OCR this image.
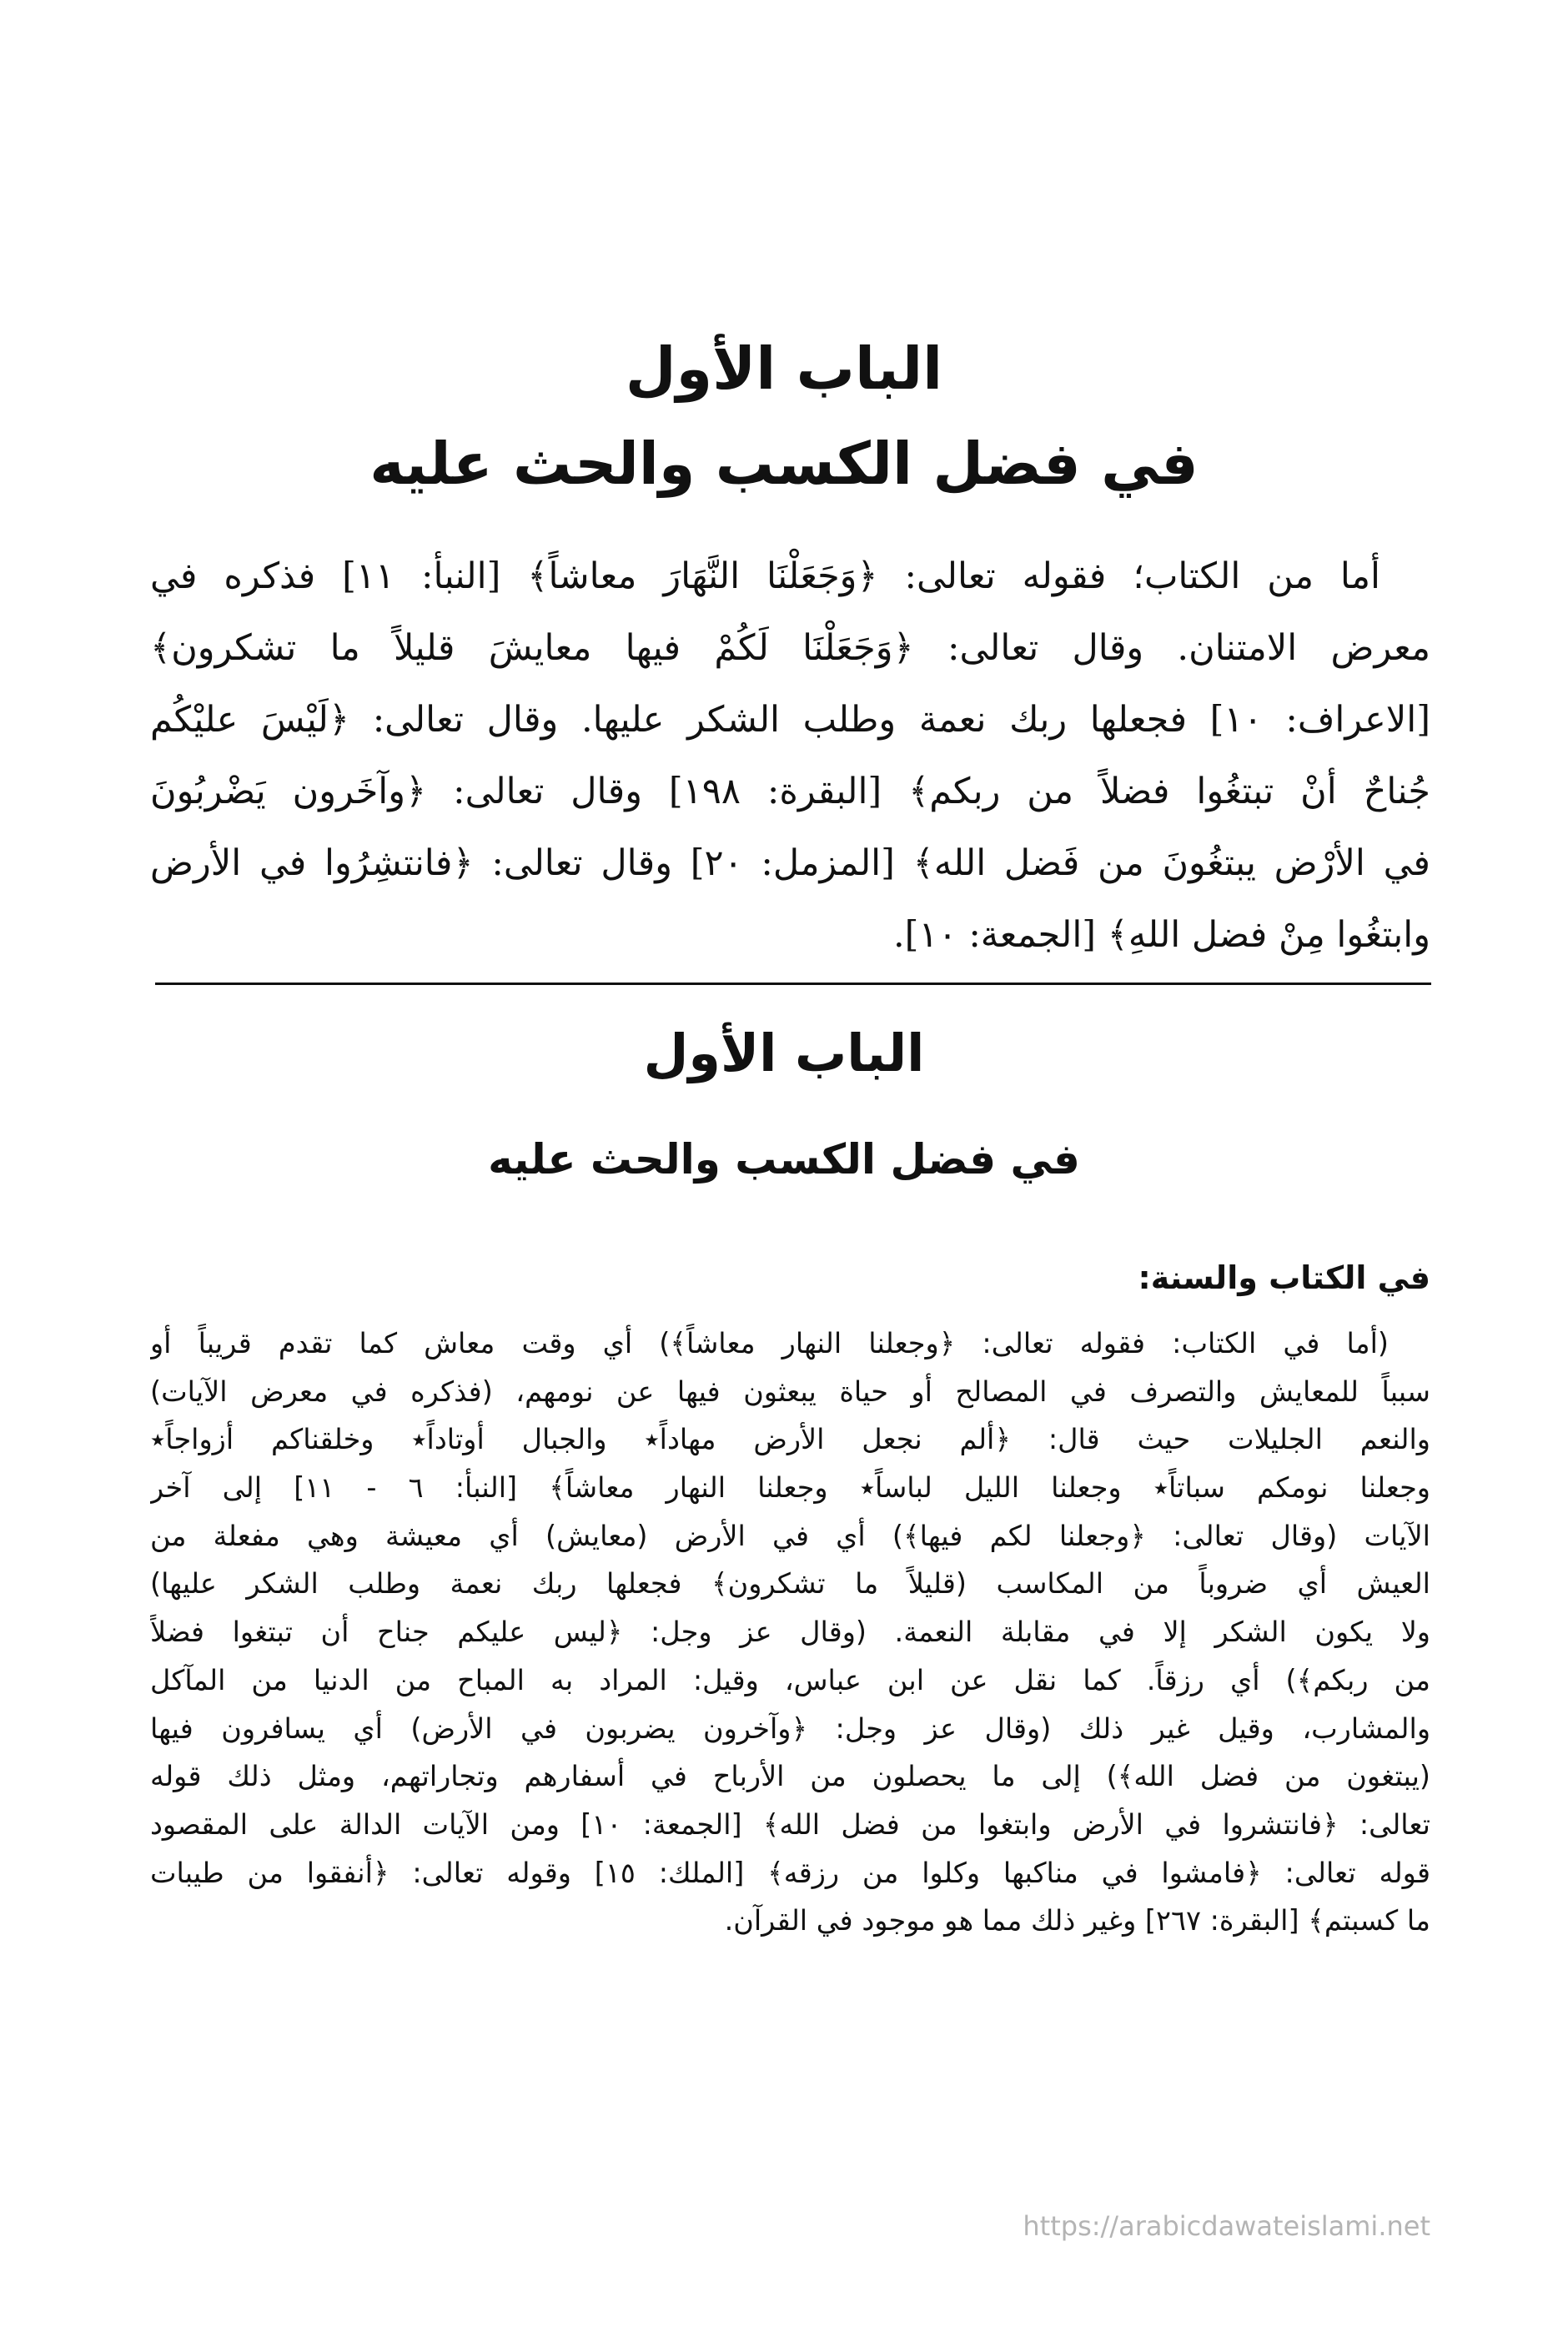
الباب الأول
في فضل الكسب والحث عليه
أما من الكتاب؛ فقوله تعالى: ﴿وَجَعَلْنَا النَّهَارَ معاشاً﴾ [النبأ: ١١] فذكره في
معرض الامتنان. وقال تعالى: ﴿وَجَعَلْنَا لَكُمْ فيها معايشَ قليلاً ما تشكرون﴾
[الاعراف: ١٠] فجعلها ربك نعمة وطلب الشكر عليها. وقال تعالى: ﴿لَيْسَ عليْكُم
جُناحٌ أنْ تبتغُوا فضلاً من ربكم﴾ [البقرة: ١٩٨] وقال تعالى: ﴿وآخَرون يَضْربُونَ
في الأرْض يبتغُونَ من فَضل الله﴾ [المزمل: ٢٠] وقال تعالى: ﴿فانتشِرُوا في الأرض
وابتغُوا مِنْ فضل اللهِ﴾ [الجمعة: ١٠].
الباب الأول
في فضل الكسب والحث عليه
في الكتاب والسنة:
(أما في الكتاب: فقوله تعالى: ﴿وجعلنا النهار معاشاً﴾) أي وقت معاش كما تقدم قريباً أو
سبباً للمعايش والتصرف في المصالح أو حياة يبعثون فيها عن نومهم، (فذكره في معرض الآيات)
والنعم الجليلات حيث قال: ﴿ألم نجعل الأرض مهاداً٭ والجبال أوتاداً٭ وخلقناكم أزواجاً٭
وجعلنا نومكم سباتاً٭ وجعلنا الليل لباساً٭ وجعلنا النهار معاشاً﴾ [النبأ: ٦ - ١١] إلى آخر
الآيات (وقال تعالى: ﴿وجعلنا لكم فيها﴾) أي في الأرض (معايش) أي معيشة وهي مفعلة من
العيش أي ضروباً من المكاسب (قليلاً ما تشكرون﴾ فجعلها ربك نعمة وطلب الشكر عليها)
ولا يكون الشكر إلا في مقابلة النعمة. (وقال عز وجل: ﴿ليس عليكم جناح أن تبتغوا فضلاً
من ربكم﴾) أي رزقاً. كما نقل عن ابن عباس، وقيل: المراد به المباح من الدنيا من المآكل
والمشارب، وقيل غير ذلك (وقال عز وجل: ﴿وآخرون يضربون في الأرض) أي يسافرون فيها
(يبتغون من فضل الله﴾) إلى ما يحصلون من الأرباح في أسفارهم وتجاراتهم، ومثل ذلك قوله
تعالى: ﴿فانتشروا في الأرض وابتغوا من فضل الله﴾ [الجمعة: ١٠] ومن الآيات الدالة على المقصود
قوله تعالى: ﴿فامشوا في مناكبها وكلوا من رزقه﴾ [الملك: ١٥] وقوله تعالى: ﴿أنفقوا من طيبات
ما كسبتم﴾ [البقرة: ٢٦٧] وغير ذلك مما هو موجود في القرآن.
https://arabicdawateislami.net
